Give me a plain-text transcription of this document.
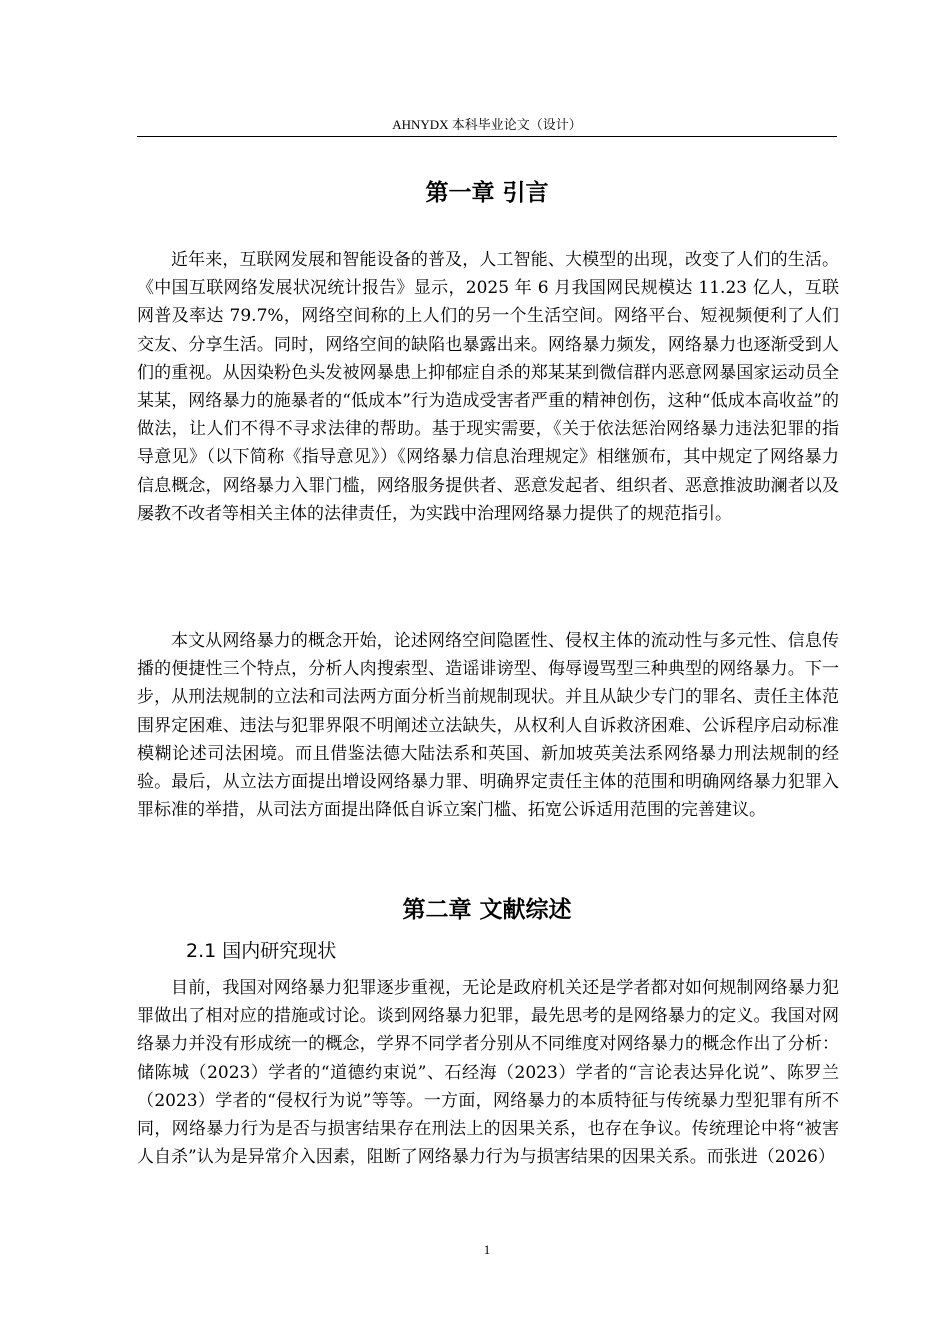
AHNYDX 本科毕业论文（设计）
第一章 引言

近年来，互联网发展和智能设备的普及，人工智能、大模型的出现，改变了人们的生活。《中国互联网络发展状况统计报告》显示，2025 年 6 月我国网民规模达 11.23 亿人，互联网普及率达 79.7%，网络空间称的上人们的另一个生活空间。网络平台、短视频便利了人们交友、分享生活。同时，网络空间的缺陷也暴露出来。网络暴力频发，网络暴力也逐渐受到人们的重视。从因染粉色头发被网暴患上抑郁症自杀的郑某某到微信群内恶意网暴国家运动员全某某，网络暴力的施暴者的“低成本”行为造成受害者严重的精神创伤，这种“低成本高收益”的做法，让人们不得不寻求法律的帮助。基于现实需要，《关于依法惩治网络暴力违法犯罪的指导意见》（以下简称《指导意见》）《网络暴力信息治理规定》相继颁布，其中规定了网络暴力信息概念，网络暴力入罪门槛，网络服务提供者、恶意发起者、组织者、恶意推波助澜者以及屡教不改者等相关主体的法律责任，为实践中治理网络暴力提供了的规范指引。

本文从网络暴力的概念开始，论述网络空间隐匿性、侵权主体的流动性与多元性、信息传播的便捷性三个特点，分析人肉搜索型、造谣诽谤型、侮辱谩骂型三种典型的网络暴力。下一步，从刑法规制的立法和司法两方面分析当前规制现状。并且从缺少专门的罪名、责任主体范围界定困难、违法与犯罪界限不明阐述立法缺失，从权利人自诉救济困难、公诉程序启动标准模糊论述司法困境。而且借鉴法德大陆法系和英国、新加坡英美法系网络暴力刑法规制的经验。最后，从立法方面提出增设网络暴力罪、明确界定责任主体的范围和明确网络暴力犯罪入罪标准的举措，从司法方面提出降低自诉立案门槛、拓宽公诉适用范围的完善建议。

第二章 文献综述
2.1 国内研究现状

目前，我国对网络暴力犯罪逐步重视，无论是政府机关还是学者都对如何规制网络暴力犯罪做出了相对应的措施或讨论。谈到网络暴力犯罪，最先思考的是网络暴力的定义。我国对网络暴力并没有形成统一的概念，学界不同学者分别从不同维度对网络暴力的概念作出了分析：储陈城（2023）学者的“道德约束说”、石经海（2023）学者的“言论表达异化说”、陈罗兰（2023）学者的“侵权行为说”等等。一方面，网络暴力的本质特征与传统暴力型犯罪有所不同，网络暴力行为是否与损害结果存在刑法上的因果关系，也存在争议。传统理论中将“被害人自杀”认为是异常介入因素，阻断了网络暴力行为与损害结果的因果关系。而张进（2026）

1
